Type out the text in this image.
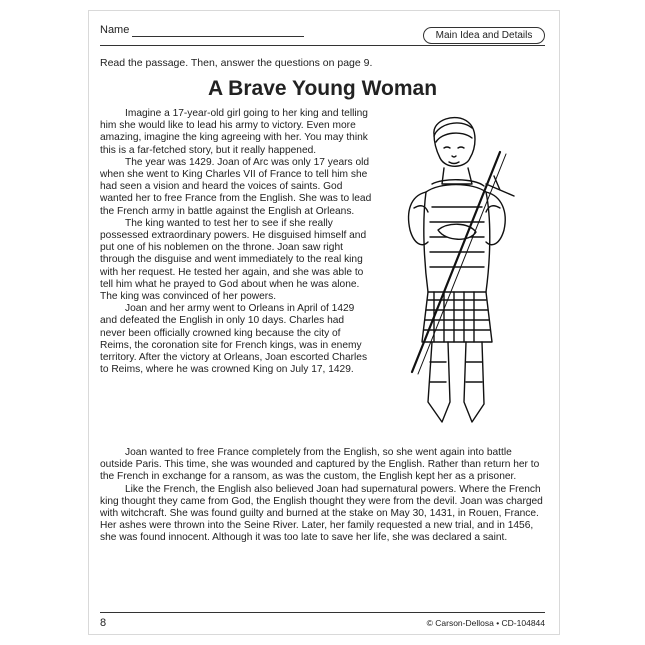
Name	Main Idea and Details
Read the passage. Then, answer the questions on page 9.
A Brave Young Woman

Imagine a 17-year-old girl going to her king and telling him she would like to lead his army to victory. Even more amazing, imagine the king agreeing with her. You may think this is a far-fetched story, but it really happened.

The year was 1429. Joan of Arc was only 17 years old when she went to King Charles VII of France to tell him she had seen a vision and heard the voices of saints. God wanted her to free France from the English. She was to lead the French army in battle against the English at Orleans.

The king wanted to test her to see if she really possessed extraordinary powers. He disguised himself and put one of his noblemen on the throne. Joan saw right through the disguise and went immediately to the real king with her request. He tested her again, and she was able to tell him what he prayed to God about when he was alone. The king was convinced of her powers.

Joan and her army went to Orleans in April of 1429 and defeated the English in only 10 days. Charles had never been officially crowned king because the city of Reims, the coronation site for French kings, was in enemy territory. After the victory at Orleans, Joan escorted Charles to Reims, where he was crowned King on July 17, 1429.

Joan wanted to free France completely from the English, so she went again into battle outside Paris. This time, she was wounded and captured by the English. Rather than return her to the French in exchange for a ransom, as was the custom, the English kept her as a prisoner.

Like the French, the English also believed Joan had supernatural powers. Where the French king thought they came from God, the English thought they were from the devil. Joan was charged with witchcraft. She was found guilty and burned at the stake on May 30, 1431, in Rouen, France. Her ashes were thrown into the Seine River. Later, her family requested a new trial, and in 1456, she was found innocent. Although it was too late to save her life, she was declared a saint.

8	© Carson-Dellosa • CD-104844
